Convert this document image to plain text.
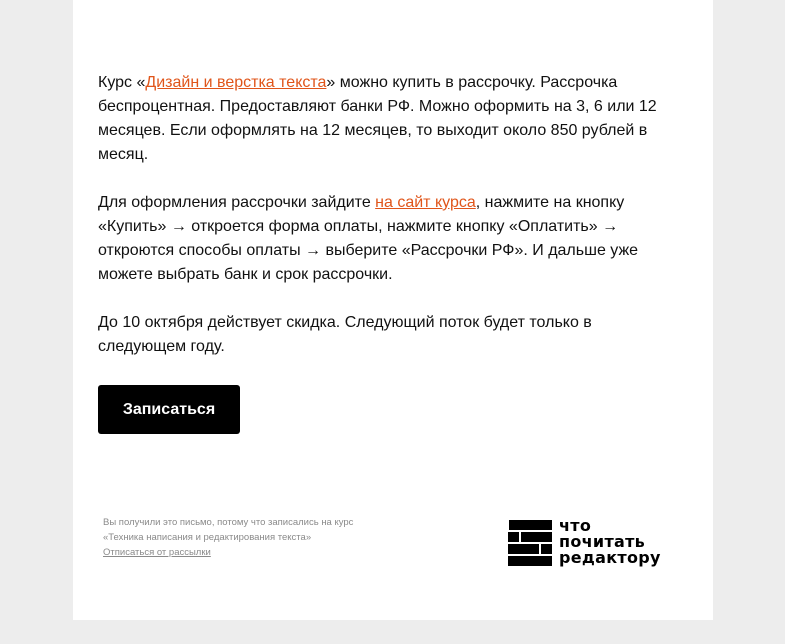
Курс «Дизайн и верстка текста» можно купить в рассрочку. Рассрочка беспроцентная. Предоставляют банки РФ. Можно оформить на 3, 6 или 12 месяцев. Если оформлять на 12 месяцев, то выходит около 850 рублей в месяц.

Для оформления рассрочки зайдите на сайт курса, нажмите на кнопку «Купить» → откроется форма оплаты, нажмите кнопку «Оплатить» → откроются способы оплаты → выберите «Рассрочки РФ». И дальше уже можете выбрать банк и срок рассрочки.

До 10 октября действует скидка. Следующий поток будет только в следующем году.

Записаться
Вы получили это письмо, потому что записались на курс
«Техника написания и редактирования текста»
Отписаться от рассылки
что
почитать
редактору
